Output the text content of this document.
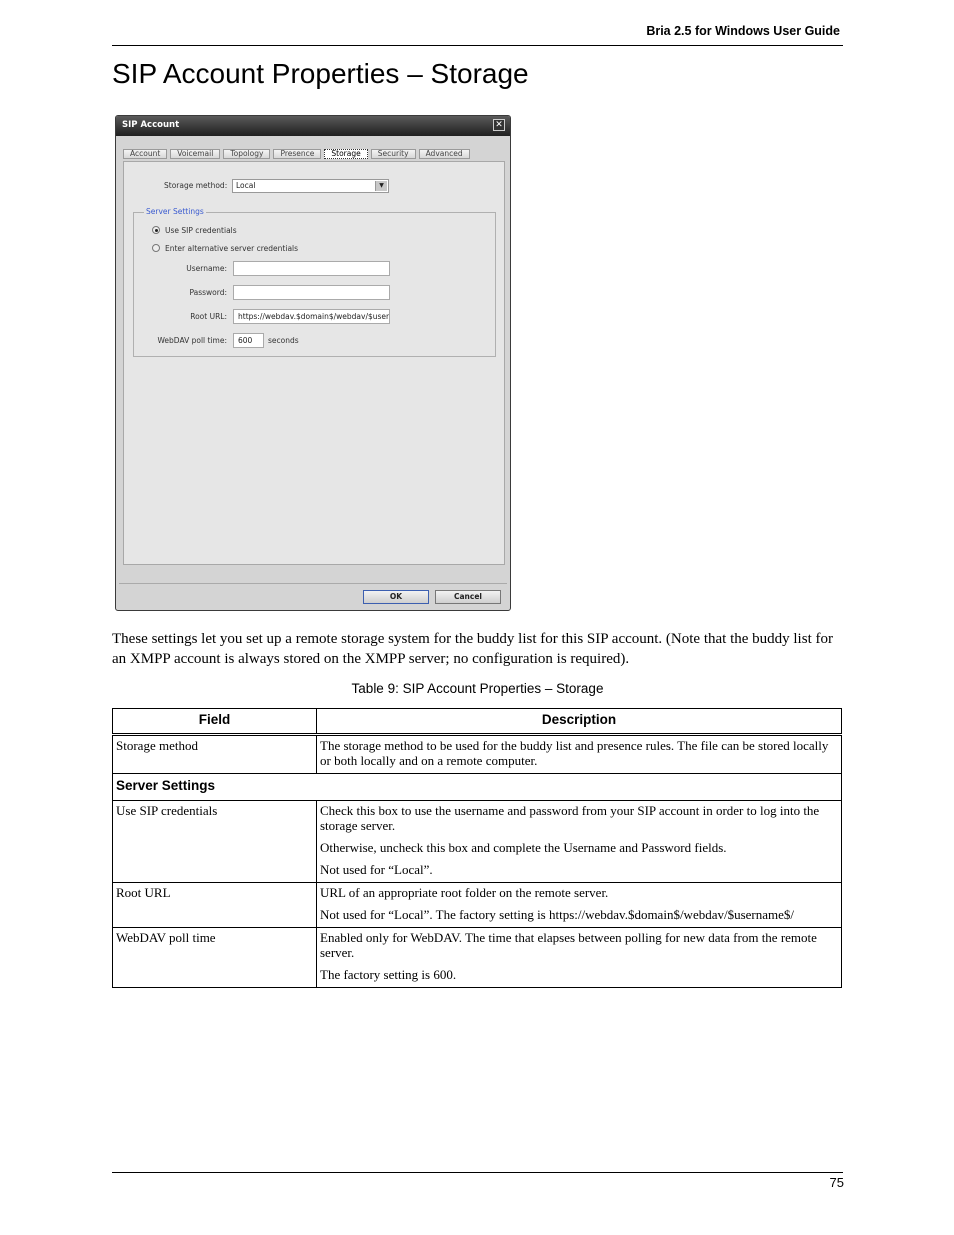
Bria 2.5 for Windows User Guide
SIP Account Properties – Storage
SIP Account	✕
Account	Voicemail	Topology	Presence	Storage	Security	Advanced
Storage method:	Local	▼
Server Settings
Use SIP credentials
Enter alternative server credentials
Username:
Password:
Root URL:	https://webdav.$domain$/webdav/$user
WebDAV poll time:	600	seconds
OK	Cancel

These settings let you set up a remote storage system for the buddy list for this SIP account. (Note that the buddy list for an XMPP account is always stored on the XMPP server; no configuration is required).

Table 9: SIP Account Properties – Storage
Field	Description
Storage method	The storage method to be used for the buddy list and presence rules. The file can be stored locally or both locally and on a remote computer.

Server Settings	
Use SIP credentials	Check this box to use the username and password from your SIP account in order to log into the storage server.

Otherwise, uncheck this box and complete the Username and Password fields.

Not used for “Local”.

Root URL	URL of an appropriate root folder on the remote server.

Not used for “Local”. The factory setting is https://webdav.$domain$/webdav/$username$/

WebDAV poll time	Enabled only for WebDAV. The time that elapses between polling for new data from the remote server.

The factory setting is 600.

75
